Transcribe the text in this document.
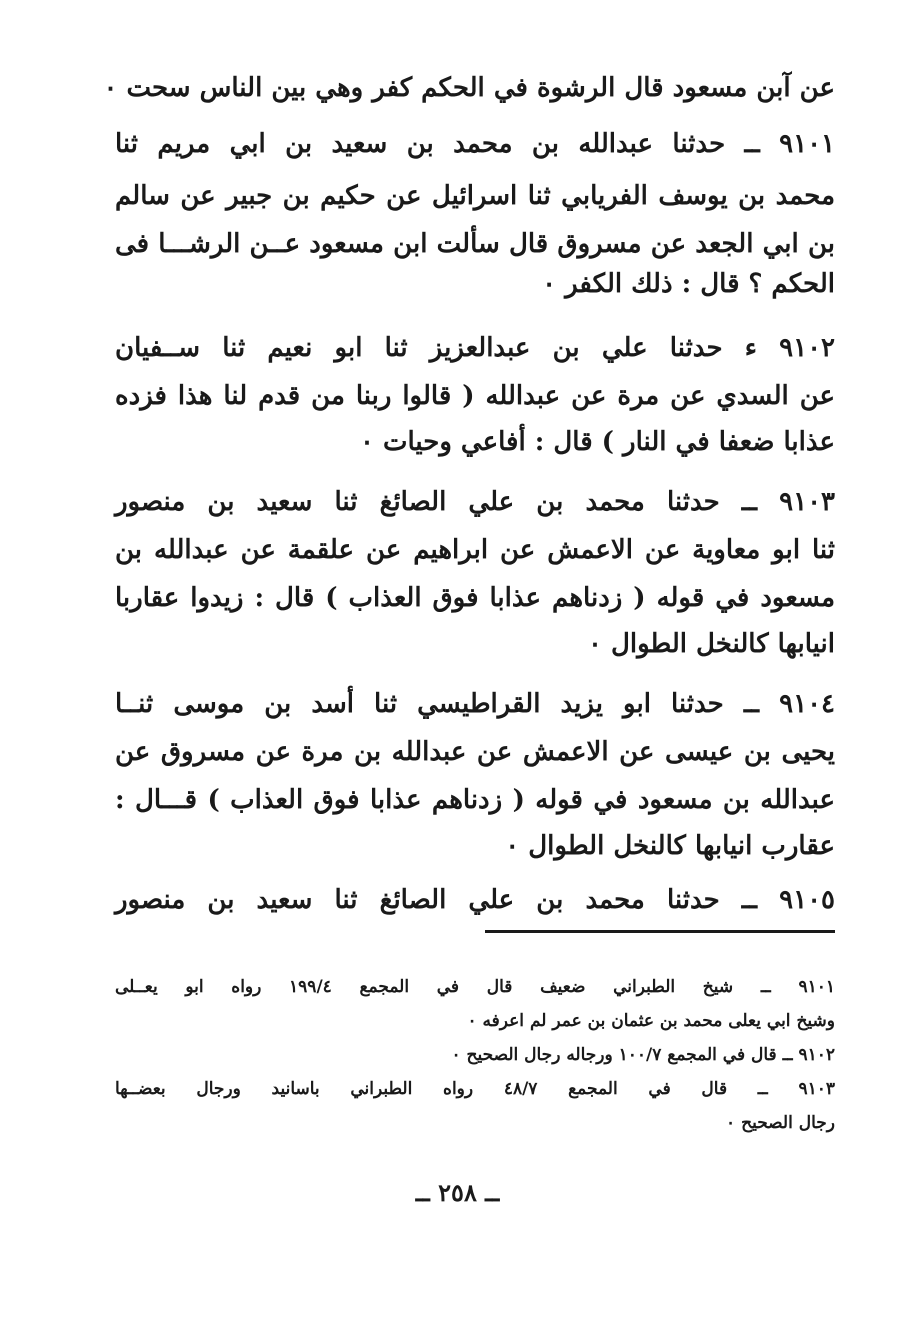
عن آبن مسعود قال الرشوة في الحكم كفر وهي بين الناس سحت ٠
٩١٠١ ــ حدثنا عبدالله بن محمد بن سعيد بن ابي مريم ثنا
محمد بن يوسف الفريابي ثنا اسرائيل عن حكيم بن جبير عن سالم
بن ابي الجعد عن مسروق قال سألت ابن مسعود عــن الرشـــا فى
الحكم ؟ قال : ذلك الكفر ٠
٩١٠٢ ء حدثنا علي بن عبدالعزيز ثنا ابو نعيم ثنا ســفيان
عن السدي عن مرة عن عبدالله ( قالوا ربنا من قدم لنا هذا فزده
عذابا ضعفا في النار ) قال : أفاعي وحيات ٠
٩١٠٣ ــ حدثنا محمد بن علي الصائغ ثنا سعيد بن منصور
ثنا ابو معاوية عن الاعمش عن ابراهيم عن علقمة عن عبدالله بن
مسعود في قوله ( زدناهم عذابا فوق العذاب ) قال : زيدوا عقاربا
انيابها كالنخل الطوال ٠
٩١٠٤ ــ حدثنا ابو يزيد القراطيسي ثنا أسد بن موسى ثنــا
يحيى بن عيسى عن الاعمش عن عبدالله بن مرة عن مسروق عن
عبدالله بن مسعود في قوله ( زدناهم عذابا فوق العذاب ) قـــال :
عقارب انيابها كالنخل الطوال ٠
٩١٠٥ ــ حدثنا محمد بن علي الصائغ ثنا سعيد بن منصور
٩١٠١ ــ شيخ الطبراني ضعيف قال في المجمع ١٩٩/٤ رواه ابو يعــلى
وشيخ ابي يعلى محمد بن عثمان بن عمر لم اعرفه ٠
٩١٠٢ ــ قال في المجمع ١٠٠/٧ ورجاله رجال الصحيح ٠
٩١٠٣ ــ قال في المجمع ٤٨/٧ رواه الطبراني باسانيد ورجال بعضــها
رجال الصحيح ٠
ــ ٢٥٨ ــ
